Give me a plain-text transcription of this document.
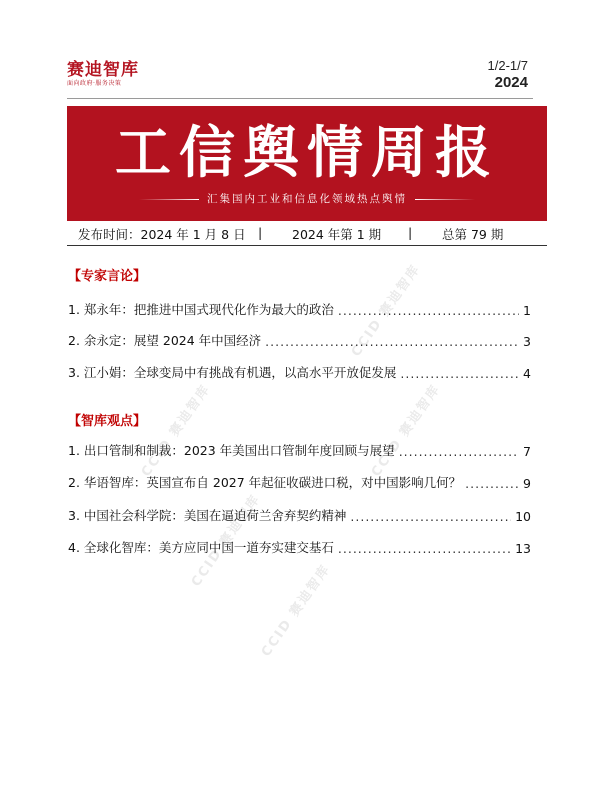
CCID 赛迪智库
CCID 赛迪智库	CCID 赛迪智库
CCID 赛迪智库
CCID 赛迪智库
赛迪智库
面向政府·服务决策
1/2-1/7
2024
工信舆情周报
汇集国内工业和信息化领域热点舆情
发布时间：2024 年 1 月 8 日 | 2024 年第 1 期 | 总第 79 期
【专家言论】
1. 郑永年：把推进中国式现代化作为最大的政治 .....	1
2. 余永定：展望 2024 年中国经济 .....	3
3. 江小娟：全球变局中有挑战有机遇，以高水平开放促发展 .....	4
【智库观点】
1. 出口管制和制裁：2023 年美国出口管制年度回顾与展望 .....	7
2. 华语智库：英国宣布自 2027 年起征收碳进口税，对中国影响几何？ .....	9
3. 中国社会科学院：美国在逼迫荷兰舍弃契约精神 .....	10
4. 全球化智库：美方应同中国一道夯实建交基石 .....	13
